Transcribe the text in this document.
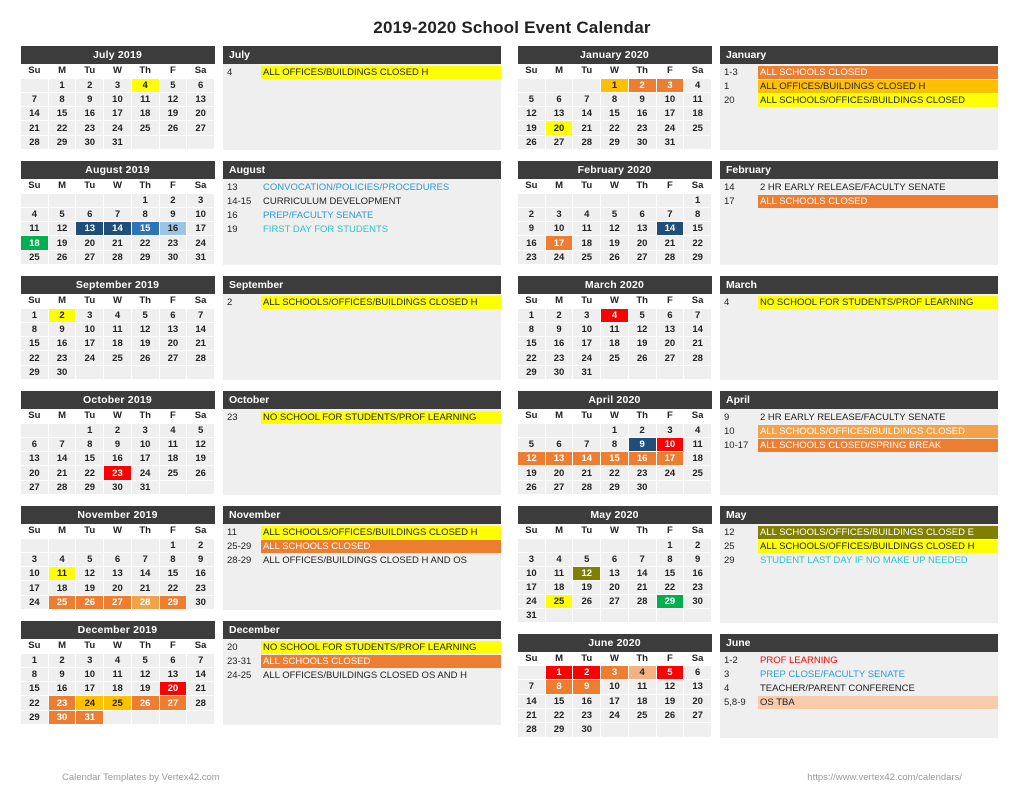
2019-2020 School Event Calendar
July 2019						
Su	M	Tu	W	Th	F	Sa
	1	2	3	4	5	6
7	8	9	10	11	12	13
14	15	16	17	18	19	20
21	22	23	24	25	26	27
28	29	30	31			
July
4	ALL OFFICES/BUILDINGS CLOSED H
August 2019						
Su	M	Tu	W	Th	F	Sa
				1	2	3
4	5	6	7	8	9	10
11	12	13	14	15	16	17
18	19	20	21	22	23	24
25	26	27	28	29	30	31
August
13	CONVOCATION/POLICIES/PROCEDURES
14-15	CURRICULUM DEVELOPMENT
16	PREP/FACULTY SENATE
19	FIRST DAY FOR STUDENTS
September 2019						
Su	M	Tu	W	Th	F	Sa
1	2	3	4	5	6	7
8	9	10	11	12	13	14
15	16	17	18	19	20	21
22	23	24	25	26	27	28
29	30					
September
2	ALL SCHOOLS/OFFICES/BUILDINGS CLOSED H
October 2019						
Su	M	Tu	W	Th	F	Sa
		1	2	3	4	5
6	7	8	9	10	11	12
13	14	15	16	17	18	19
20	21	22	23	24	25	26
27	28	29	30	31		
October
23	NO SCHOOL FOR STUDENTS/PROF LEARNING
November 2019						
Su	M	Tu	W	Th	F	Sa
					1	2
3	4	5	6	7	8	9
10	11	12	13	14	15	16
17	18	19	20	21	22	23
24	25	26	27	28	29	30
November
11	ALL SCHOOLS/OFFICES/BUILDINGS CLOSED H
25-29	ALL SCHOOLS CLOSED
28-29	ALL OFFICES/BUILDINGS CLOSED H AND OS
December 2019						
Su	M	Tu	W	Th	F	Sa
1	2	3	4	5	6	7
8	9	10	11	12	13	14
15	16	17	18	19	20	21
22	23	24	25	26	27	28
29	30	31				
December
20	NO SCHOOL FOR STUDENTS/PROF LEARNING
23-31	ALL SCHOOLS CLOSED
24-25	ALL OFFICES/BUILDINGS CLOSED OS AND H
January 2020						
Su	M	Tu	W	Th	F	Sa
			1	2	3	4
5	6	7	8	9	10	11
12	13	14	15	16	17	18
19	20	21	22	23	24	25
26	27	28	29	30	31	
January
1-3	ALL SCHOOLS CLOSED
1	ALL OFFICES/BUILDINGS CLOSED H
20	ALL SCHOOLS/OFFICES/BUILDINGS CLOSED
February 2020						
Su	M	Tu	W	Th	F	Sa
						1
2	3	4	5	6	7	8
9	10	11	12	13	14	15
16	17	18	19	20	21	22
23	24	25	26	27	28	29
February
14	2 HR EARLY RELEASE/FACULTY SENATE
17	ALL SCHOOLS CLOSED
March 2020						
Su	M	Tu	W	Th	F	Sa
1	2	3	4	5	6	7
8	9	10	11	12	13	14
15	16	17	18	19	20	21
22	23	24	25	26	27	28
29	30	31				
March
4	NO SCHOOL FOR STUDENTS/PROF LEARNING
April 2020						
Su	M	Tu	W	Th	F	Sa
			1	2	3	4
5	6	7	8	9	10	11
12	13	14	15	16	17	18
19	20	21	22	23	24	25
26	27	28	29	30		
April
9	2 HR EARLY RELEASE/FACULTY SENATE
10	ALL SCHOOLS/OFFICES/BUILDINGS CLOSED
10-17	ALL SCHOOLS CLOSED/SPRING BREAK
May 2020						
Su	M	Tu	W	Th	F	Sa
					1	2
3	4	5	6	7	8	9
10	11	12	13	14	15	16
17	18	19	20	21	22	23
24	25	26	27	28	29	30
31						
May
12	ALL SCHOOLS/OFFICES/BUILDINGS CLOSED E
25	ALL SCHOOLS/OFFICES/BUILDINGS CLOSED H
29	STUDENT LAST DAY IF NO MAKE UP NEEDED
June 2020						
Su	M	Tu	W	Th	F	Sa
	1	2	3	4	5	6
7	8	9	10	11	12	13
14	15	16	17	18	19	20
21	22	23	24	25	26	27
28	29	30				
June
1-2	PROF LEARNING
3	PREP CLOSE/FACULTY SENATE
4	TEACHER/PARENT CONFERENCE
5,8-9	OS TBA
Calendar Templates by Vertex42.com	https://www.vertex42.com/calendars/
